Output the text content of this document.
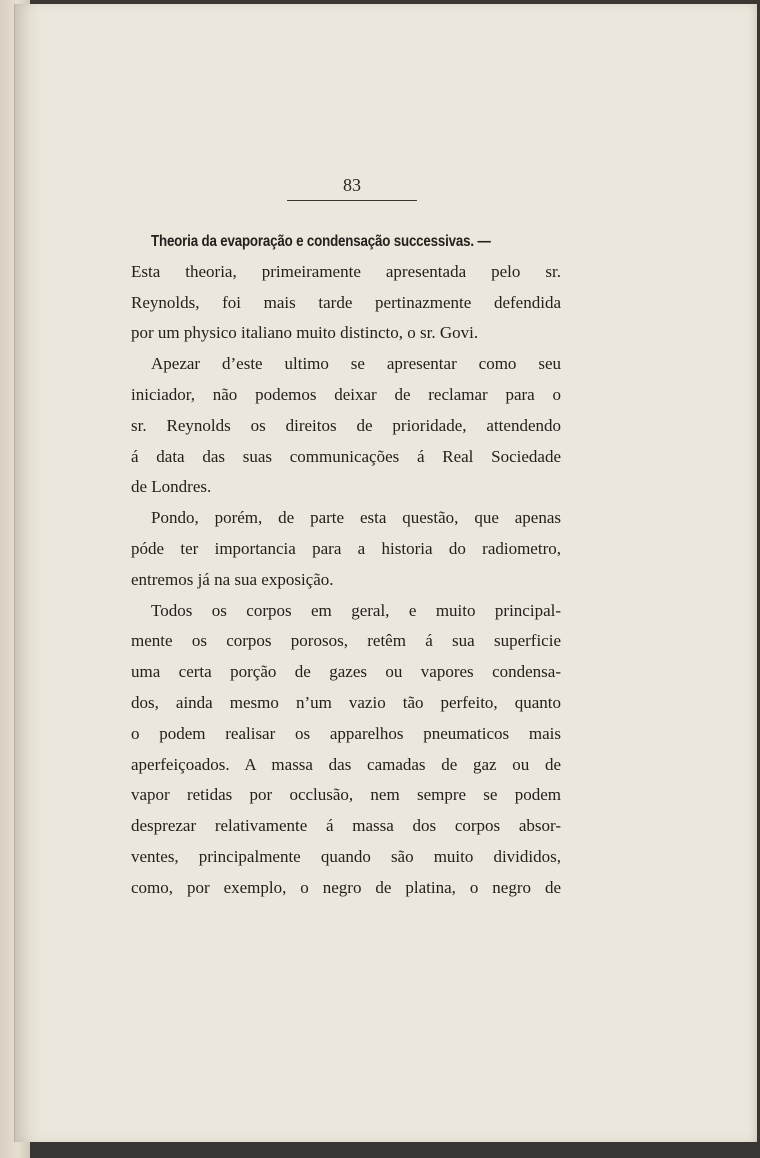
83
Theoria da evaporação e condensação successivas. —
Esta theoria, primeiramente apresentada pelo sr.
Reynolds, foi mais tarde pertinazmente defendida
por um physico italiano muito distincto, o sr. Govi.
Apezar d’este ultimo se apresentar como seu
iniciador, não podemos deixar de reclamar para o
sr. Reynolds os direitos de prioridade, attendendo
á data das suas communicações á Real Sociedade
de Londres.
Pondo, porém, de parte esta questão, que apenas
póde ter importancia para a historia do radiometro,
entremos já na sua exposição.
Todos os corpos em geral, e muito principal-
mente os corpos porosos, retêm á sua superficie
uma certa porção de gazes ou vapores condensa-
dos, ainda mesmo n’um vazio tão perfeito, quanto
o podem realisar os apparelhos pneumaticos mais
aperfeiçoados. A massa das camadas de gaz ou de
vapor retidas por occlusão, nem sempre se podem
desprezar relativamente á massa dos corpos absor-
ventes, principalmente quando são muito divididos,
como, por exemplo, o negro de platina, o negro de
